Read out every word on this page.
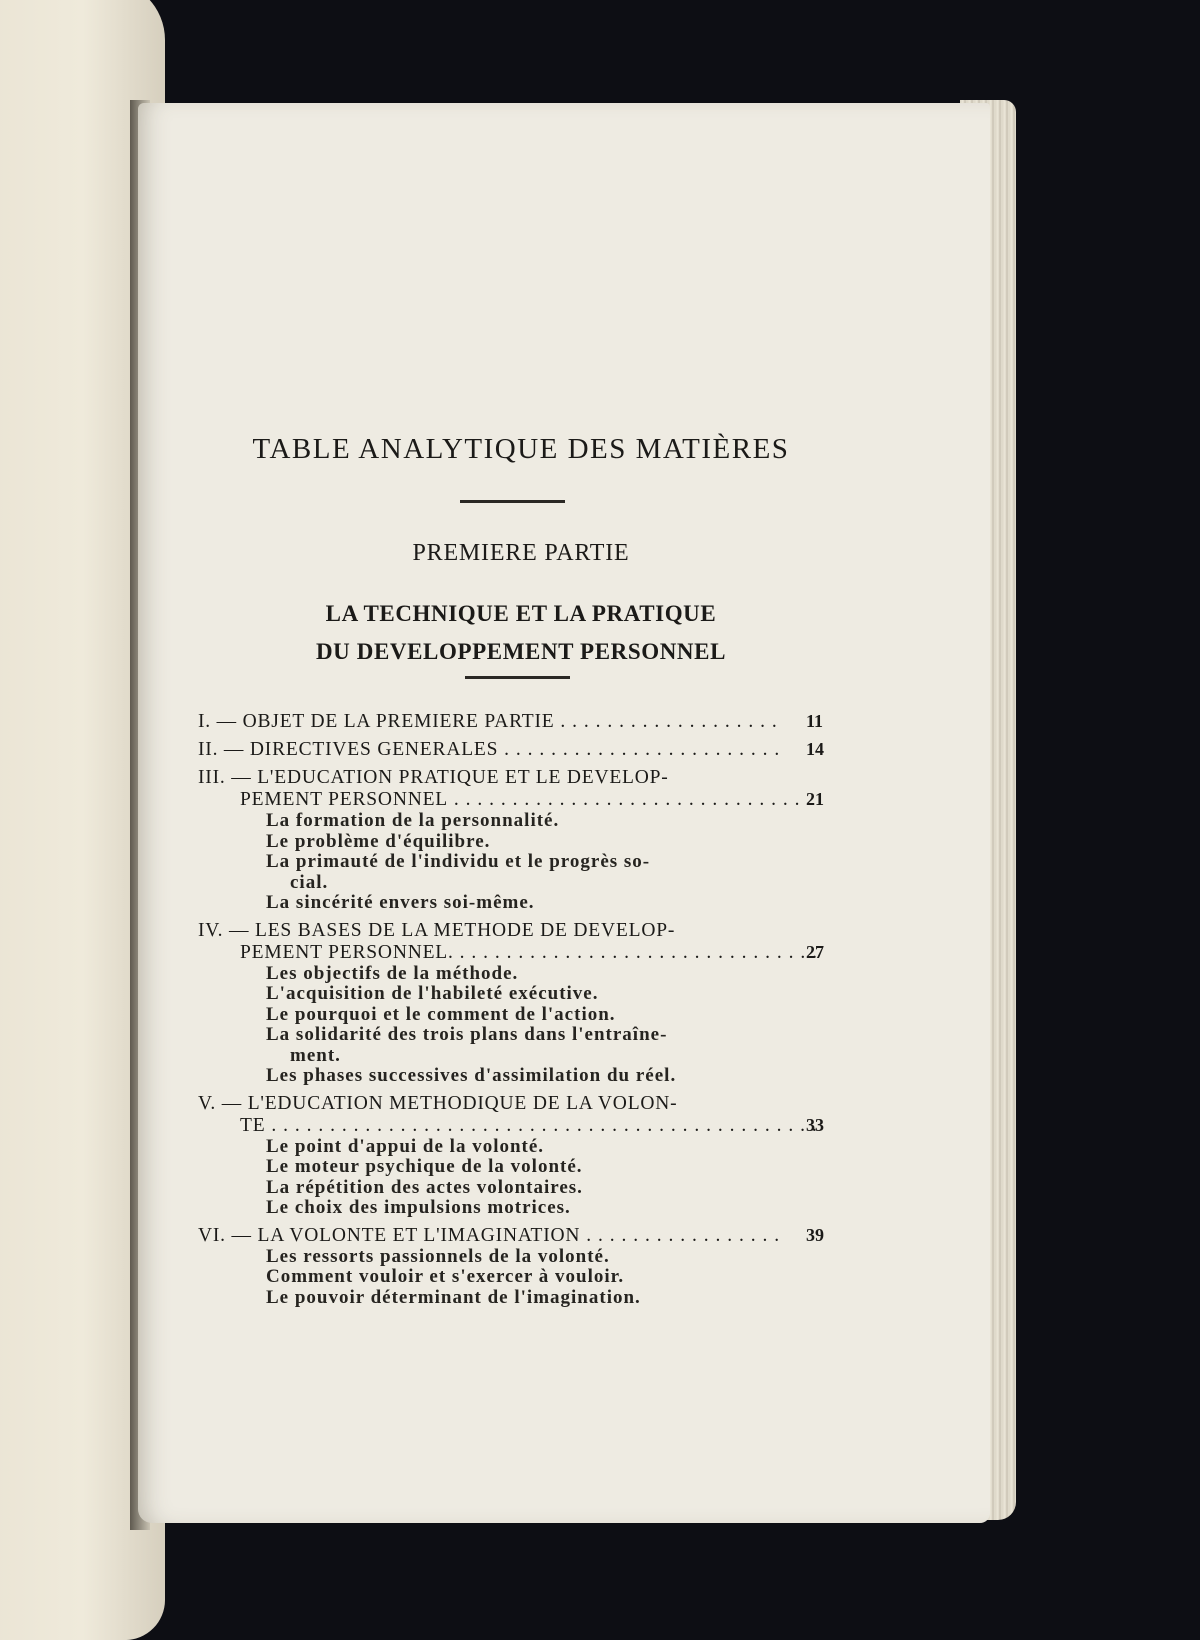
TABLE ANALYTIQUE DES MATIÈRES
PREMIERE PARTIE
LA TECHNIQUE ET LA PRATIQUE
DU DEVELOPPEMENT PERSONNEL
I. — OBJET DE LA PREMIERE PARTIE . . .	11
II. — DIRECTIVES GENERALES . . .	14
III. — L'EDUCATION PRATIQUE ET LE DEVELOP-
PEMENT PERSONNEL . . .	21
La formation de la personnalité.
Le problème d'équilibre.
La primauté de l'individu et le progrès so-
cial.
La sincérité envers soi-même.
IV. — LES BASES DE LA METHODE DE DEVELOP-
PEMENT PERSONNEL. . . .	27
Les objectifs de la méthode.
L'acquisition de l'habileté exécutive.
Le pourquoi et le comment de l'action.
La solidarité des trois plans dans l'entraîne-
ment.
Les phases successives d'assimilation du réel.
V. — L'EDUCATION METHODIQUE DE LA VOLON-
TE . . .	33
Le point d'appui de la volonté.
Le moteur psychique de la volonté.
La répétition des actes volontaires.
Le choix des impulsions motrices.
VI. — LA VOLONTE ET L'IMAGINATION . . .	39
Les ressorts passionnels de la volonté.
Comment vouloir et s'exercer à vouloir.
Le pouvoir déterminant de l'imagination.
